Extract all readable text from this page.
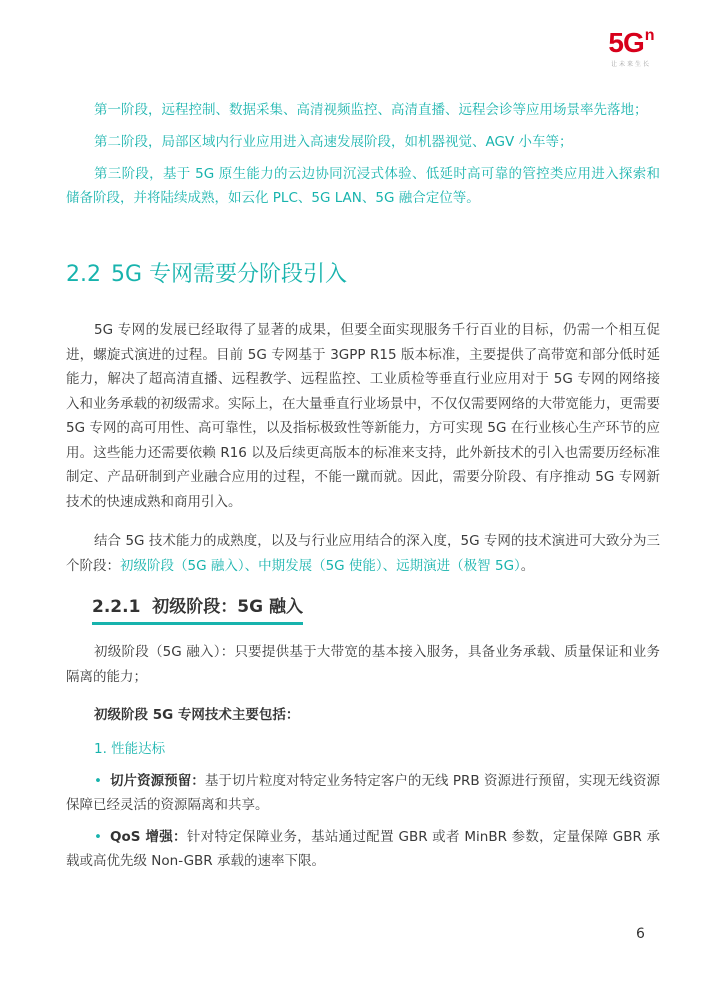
$5G^n$
让未来生长

第一阶段，远程控制、数据采集、高清视频监控、高清直播、远程会诊等应用场景率先落地；

第二阶段，局部区域内行业应用进入高速发展阶段，如机器视觉、AGV 小车等；

第三阶段，基于 5G 原生能力的云边协同沉浸式体验、低延时高可靠的管控类应用进入探索和储备阶段，并将陆续成熟，如云化 PLC、5G LAN、5G 融合定位等。

2.2 5G 专网需要分阶段引入

5G 专网的发展已经取得了显著的成果，但要全面实现服务千行百业的目标，仍需一个相互促进，螺旋式演进的过程。目前 5G 专网基于 3GPP R15 版本标准，主要提供了高带宽和部分低时延能力，解决了超高清直播、远程教学、远程监控、工业质检等垂直行业应用对于 5G 专网的网络接入和业务承载的初级需求。实际上，在大量垂直行业场景中，不仅仅需要网络的大带宽能力，更需要 5G 专网的高可用性、高可靠性，以及指标极致性等新能力，方可实现 5G 在行业核心生产环节的应用。这些能力还需要依赖 R16 以及后续更高版本的标准来支持，此外新技术的引入也需要历经标准制定、产品研制到产业融合应用的过程，不能一蹴而就。因此，需要分阶段、有序推动 5G 专网新技术的快速成熟和商用引入。

结合 5G 技术能力的成熟度，以及与行业应用结合的深入度，5G 专网的技术演进可大致分为三个阶段：初级阶段（5G 融入）、中期发展（5G 使能）、远期演进（极智 5G）。

2.2.1 初级阶段：5G 融入

初级阶段（5G 融入）：只要提供基于大带宽的基本接入服务，具备业务承载、质量保证和业务隔离的能力；

初级阶段 5G 专网技术主要包括：

1. 性能达标

• 切片资源预留：基于切片粒度对特定业务特定客户的无线 PRB 资源进行预留，实现无线资源保障已经灵活的资源隔离和共享。

• QoS 增强：针对特定保障业务，基站通过配置 GBR 或者 MinBR 参数，定量保障 GBR 承载或高优先级 Non-GBR 承载的速率下限。

6
